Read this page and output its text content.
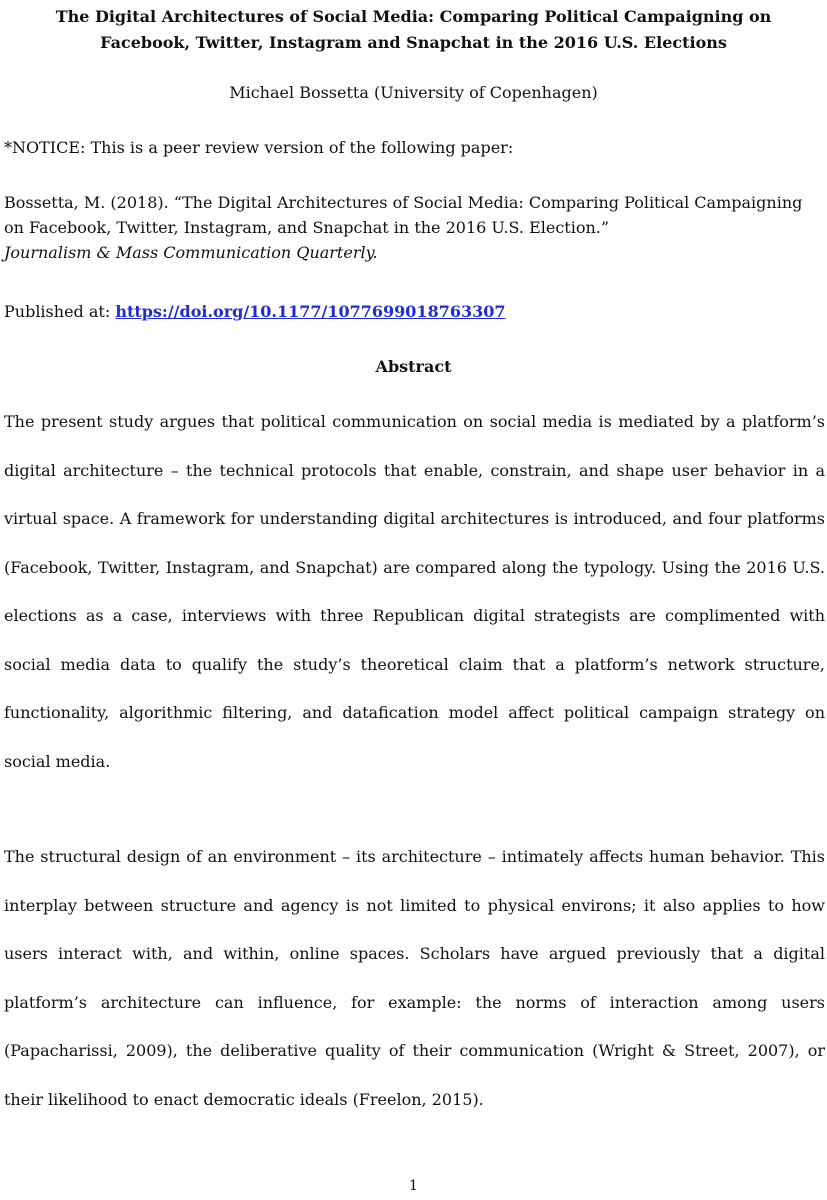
The Digital Architectures of Social Media: Comparing Political Campaigning on Facebook, Twitter, Instagram and Snapchat in the 2016 U.S. Elections
Michael Bossetta (University of Copenhagen)
*NOTICE: This is a peer review version of the following paper:
Bossetta, M. (2018). “The Digital Architectures of Social Media: Comparing Political Campaigning on Facebook, Twitter, Instagram, and Snapchat in the 2016 U.S. Election.”
Journalism & Mass Communication Quarterly.
Published at: https://doi.org/10.1177/1077699018763307
Abstract
The present study argues that political communication on social media is mediated by a platform’s digital architecture – the technical protocols that enable, constrain, and shape user behavior in a virtual space. A framework for understanding digital architectures is introduced, and four platforms (Facebook, Twitter, Instagram, and Snapchat) are compared along the typology. Using the 2016 U.S. elections as a case, interviews with three Republican digital strategists are complimented with social media data to qualify the study’s theoretical claim that a platform’s network structure, functionality, algorithmic filtering, and datafication model affect political campaign strategy on social media.
The structural design of an environment – its architecture – intimately affects human behavior. This interplay between structure and agency is not limited to physical environs; it also applies to how users interact with, and within, online spaces. Scholars have argued previously that a digital platform’s architecture can influence, for example: the norms of interaction among users (Papacharissi, 2009), the deliberative quality of their communication (Wright & Street, 2007), or their likelihood to enact democratic ideals (Freelon, 2015).
1
